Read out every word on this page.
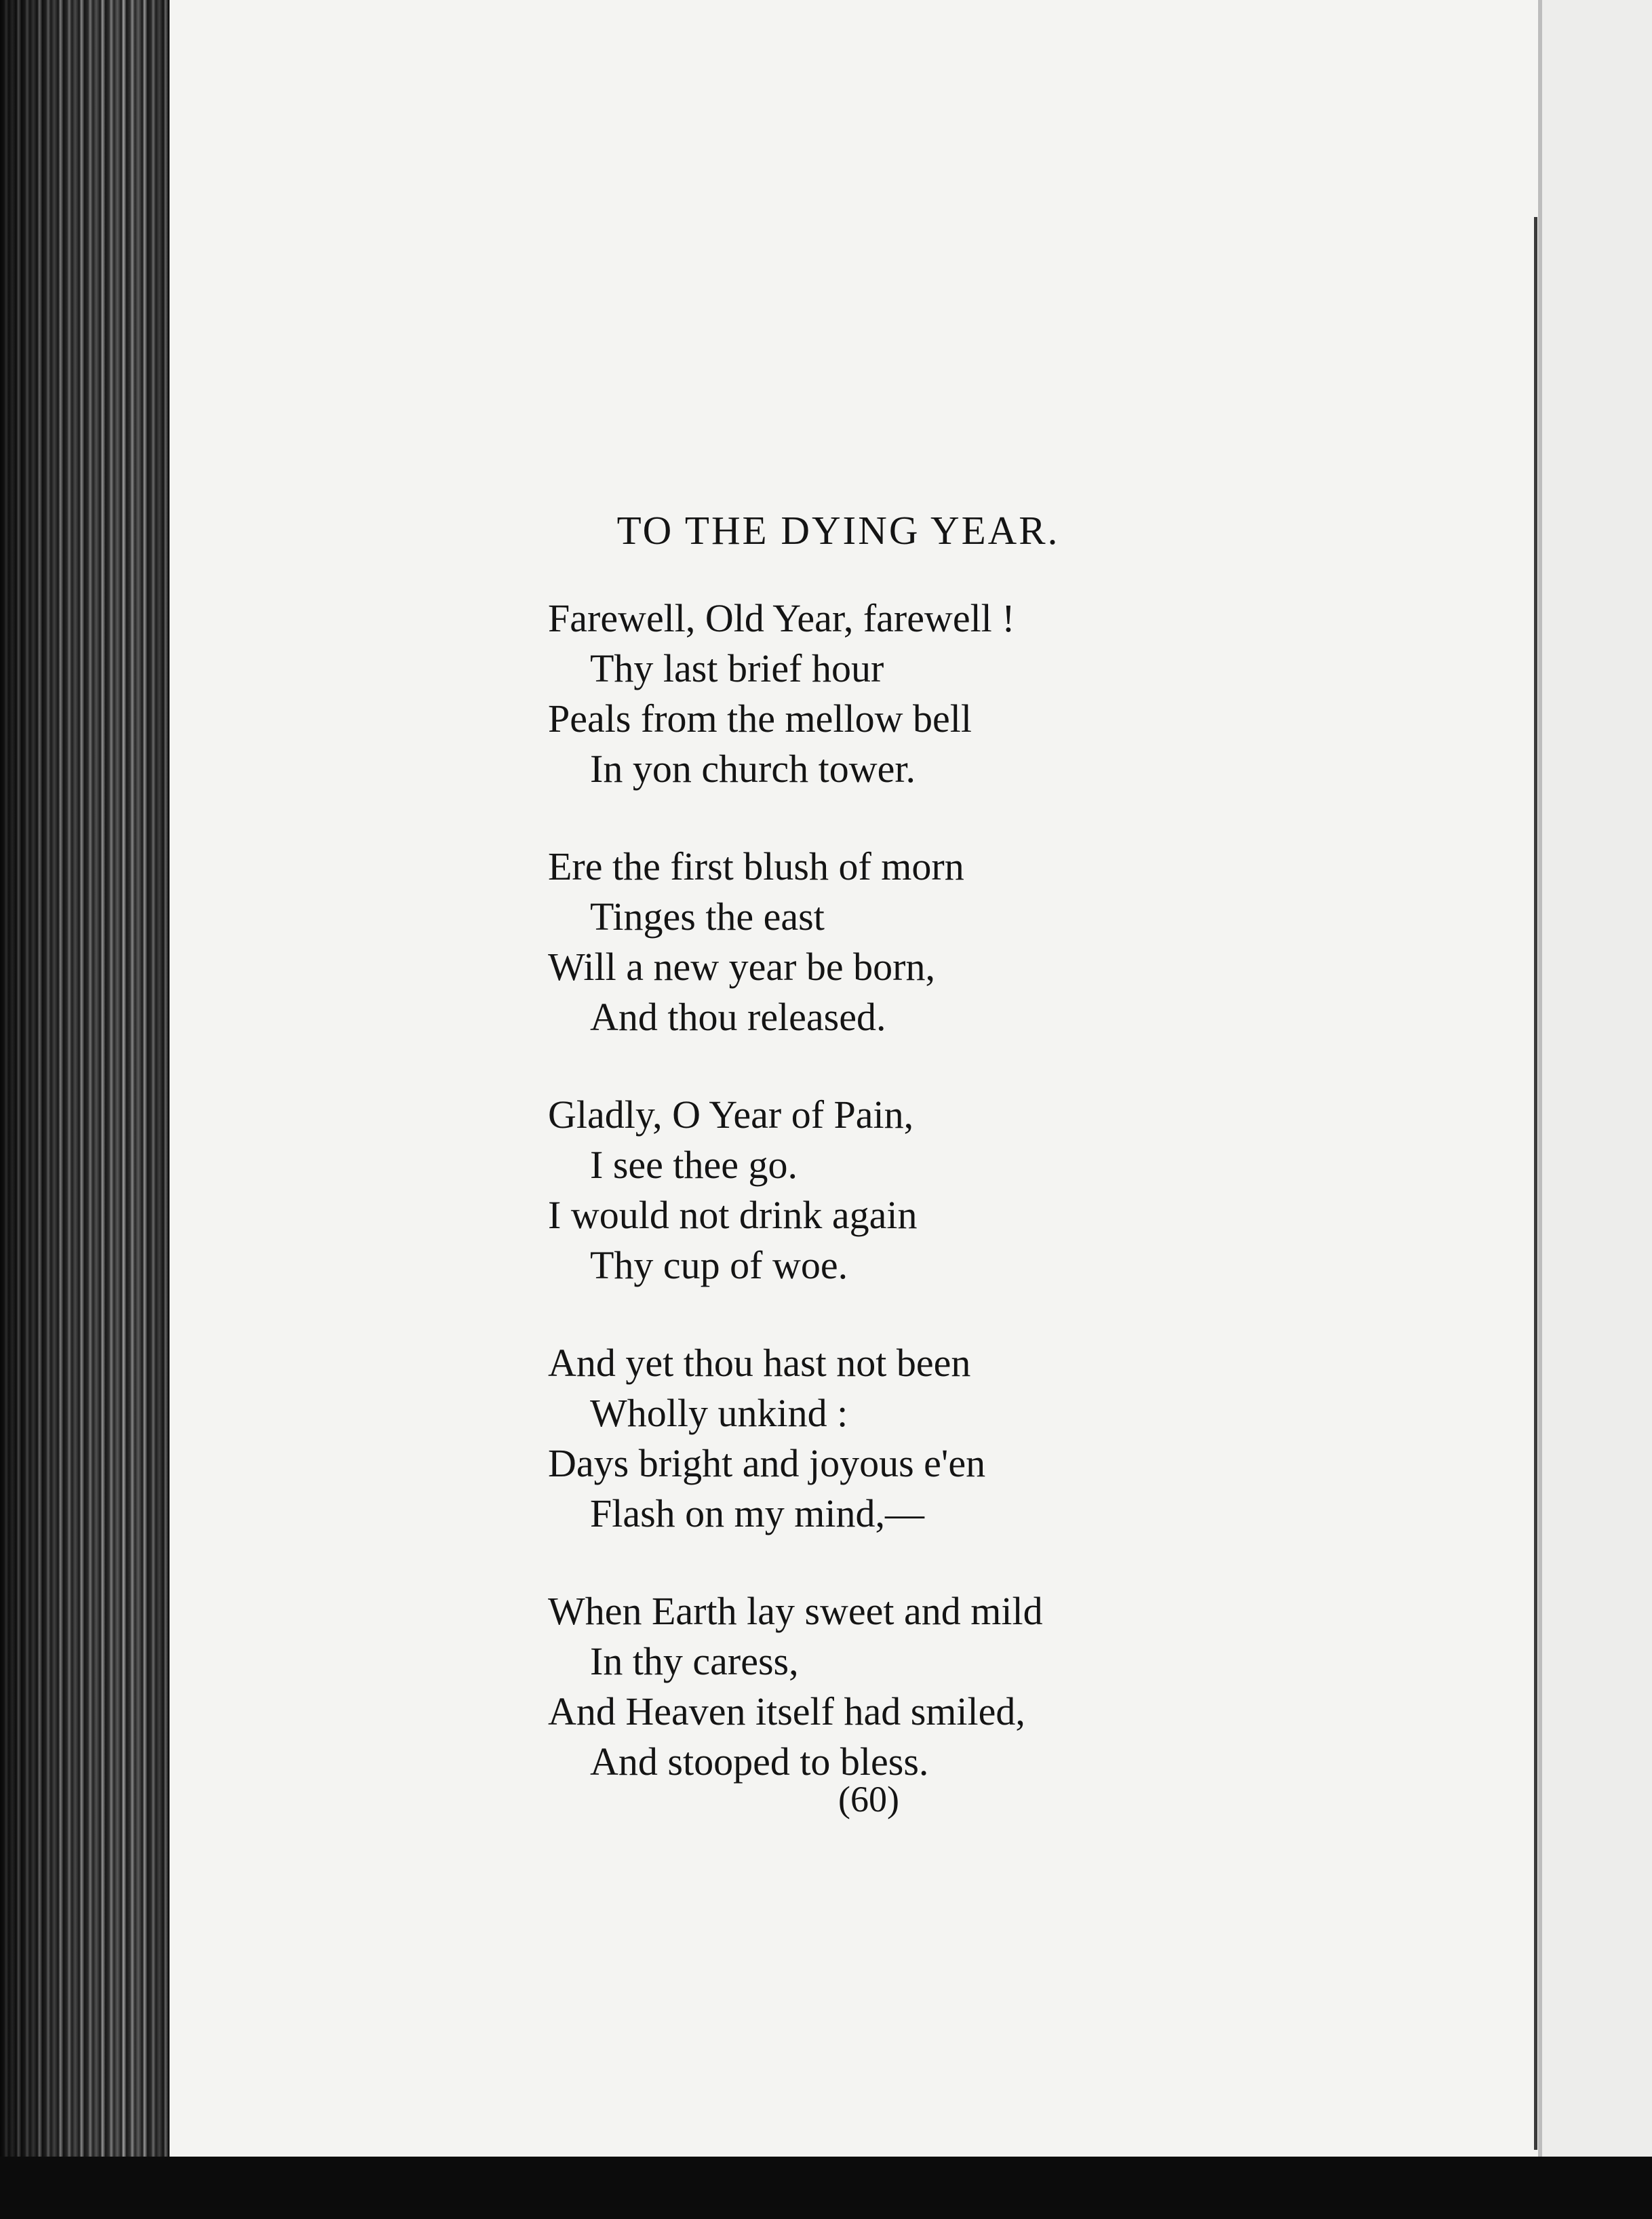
TO THE DYING YEAR.
Farewell, Old Year, farewell !
Thy last brief hour
Peals from the mellow bell
In yon church tower.
Ere the first blush of morn
Tinges the east
Will a new year be born,
And thou released.
Gladly, O Year of Pain,
I see thee go.
I would not drink again
Thy cup of woe.
And yet thou hast not been
Wholly unkind :
Days bright and joyous e'en
Flash on my mind,—
When Earth lay sweet and mild
In thy caress,
And Heaven itself had smiled,
And stooped to bless.
(60)
